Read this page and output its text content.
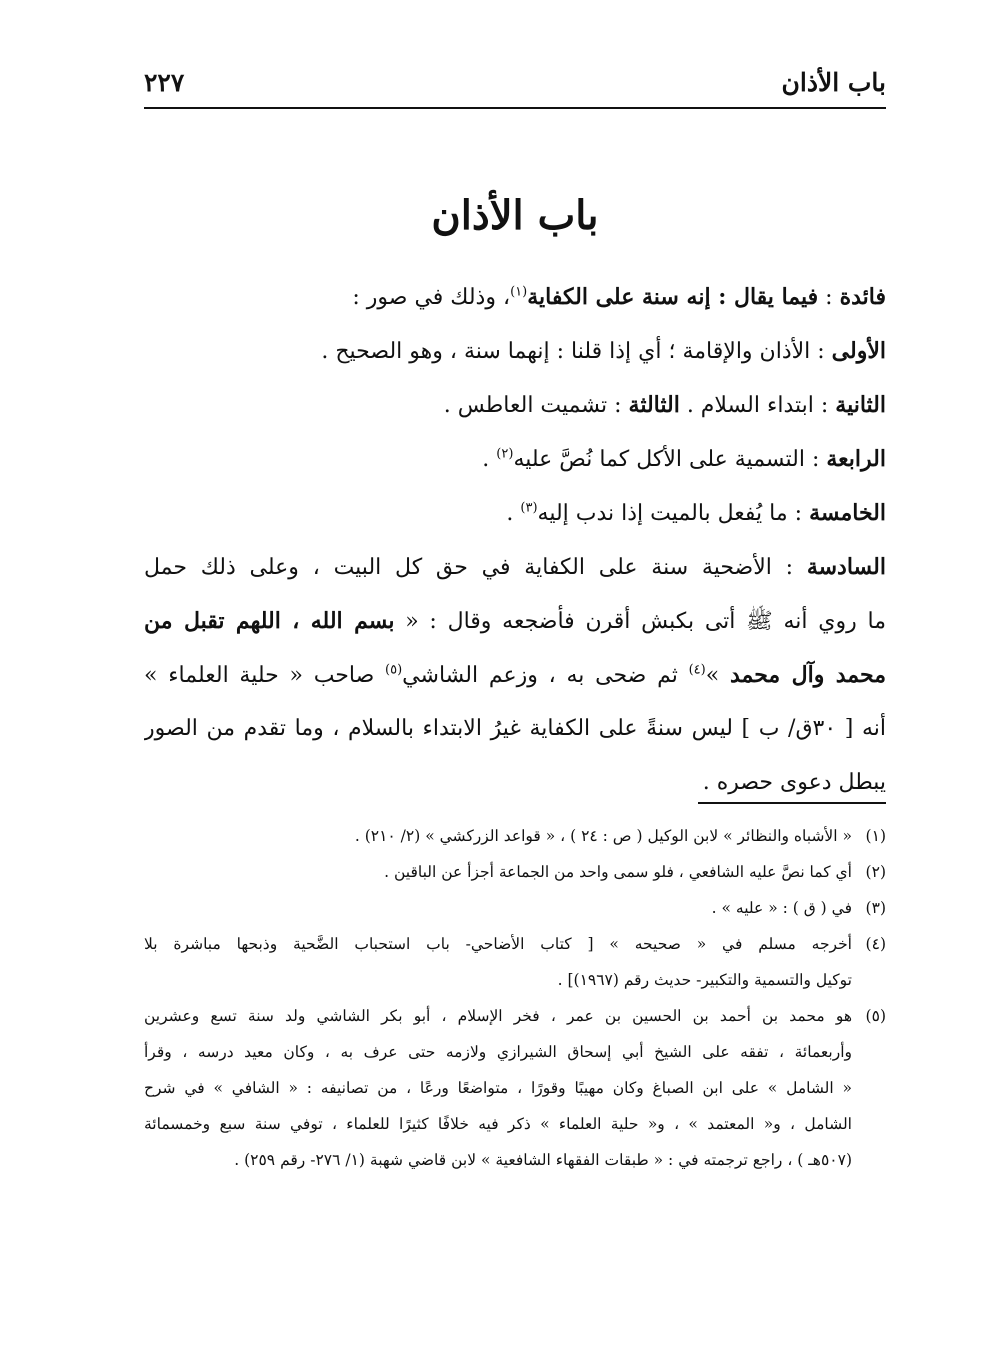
باب الأذان
٢٢٧
باب الأذان
فائدة : فيما يقال : إنه سنة على الكفاية$^{(١)}$، وذلك في صور :
الأولى : الأذان والإقامة ؛ أي إذا قلنا : إنهما سنة ، وهو الصحيح .
الثانية : ابتداء السلام . الثالثة : تشميت العاطس .
الرابعة : التسمية على الأكل كما نُصَّ عليه$^{(٢)}$ .
الخامسة : ما يُفعل بالميت إذا ندب إليه$^{(٣)}$ .
السادسة : الأضحية سنة على الكفاية في حق كل البيت ، وعلى ذلك حمل
ما روي أنه ﷺ أتى بكبش أقرن فأضجعه وقال : « بسم الله ، اللهم تقبل من
محمد وآل محمد »$^{(٤)}$ ثم ضحى به ، وزعم الشاشي$^{(٥)}$ صاحب « حلية العلماء »
أنه [ ٣٠ق/ ب ] ليس سنةً على الكفاية غيرُ الابتداء بالسلام ، وما تقدم من الصور
يبطل دعوى حصره .
(١)
« الأشباه والنظائر » لابن الوكيل ( ص : ٢٤ ) ، « قواعد الزركشي » (٢/ ٢١٠) .
(٢)
أي كما نصَّ عليه الشافعي ، فلو سمى واحد من الجماعة أجزأ عن الباقين .
(٣)
في ( ق ) : « عليه » .
(٤)
أخرجه مسلم في « صحيحه » [ كتاب الأضاحي- باب استحباب الضَّحية وذبحها مباشرة بلا
توكيل والتسمية والتكبير- حديث رقم (١٩٦٧)] .
(٥)
هو محمد بن أحمد بن الحسين بن عمر ، فخر الإسلام ، أبو بكر الشاشي ولد سنة تسع وعشرين
وأربعمائة ، تفقه على الشيخ أبي إسحاق الشيرازي ولازمه حتى عرف به ، وكان معيد درسه ، وقرأ
« الشامل » على ابن الصباغ وكان مهيبًا وقورًا ، متواضعًا ورعًا ، من تصانيفه : « الشافي » في شرح
الشامل ، و« المعتمد » ، و« حلية العلماء » ذكر فيه خلافًا كثيرًا للعلماء ، توفي سنة سبع وخمسمائة
(٥٠٧هـ ) ، راجع ترجمته في : « طبقات الفقهاء الشافعية » لابن قاضي شهبة (١/ ٢٧٦- رقم ٢٥٩) .
